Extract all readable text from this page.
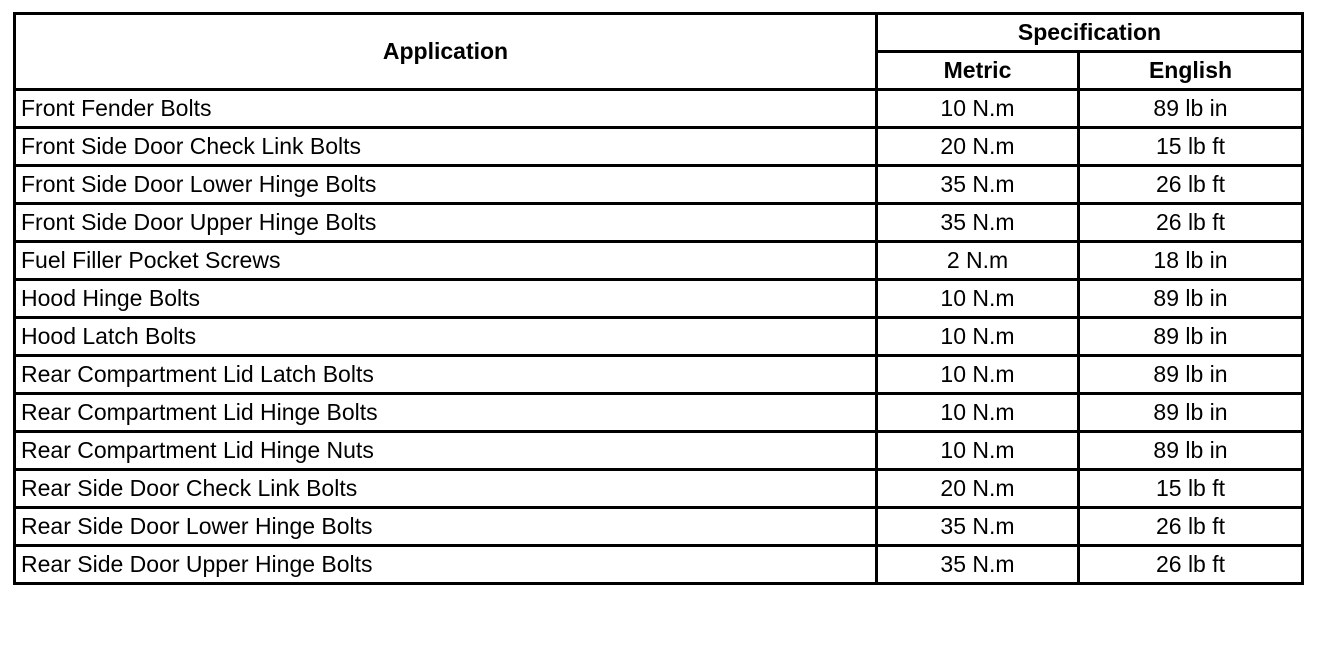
Application	Specification	
	Metric	English
Front Fender Bolts	10 N.m	89 lb in
Front Side Door Check Link Bolts	20 N.m	15 lb ft
Front Side Door Lower Hinge Bolts	35 N.m	26 lb ft
Front Side Door Upper Hinge Bolts	35 N.m	26 lb ft
Fuel Filler Pocket Screws	2 N.m	18 lb in
Hood Hinge Bolts	10 N.m	89 lb in
Hood Latch Bolts	10 N.m	89 lb in
Rear Compartment Lid Latch Bolts	10 N.m	89 lb in
Rear Compartment Lid Hinge Bolts	10 N.m	89 lb in
Rear Compartment Lid Hinge Nuts	10 N.m	89 lb in
Rear Side Door Check Link Bolts	20 N.m	15 lb ft
Rear Side Door Lower Hinge Bolts	35 N.m	26 lb ft
Rear Side Door Upper Hinge Bolts	35 N.m	26 lb ft
